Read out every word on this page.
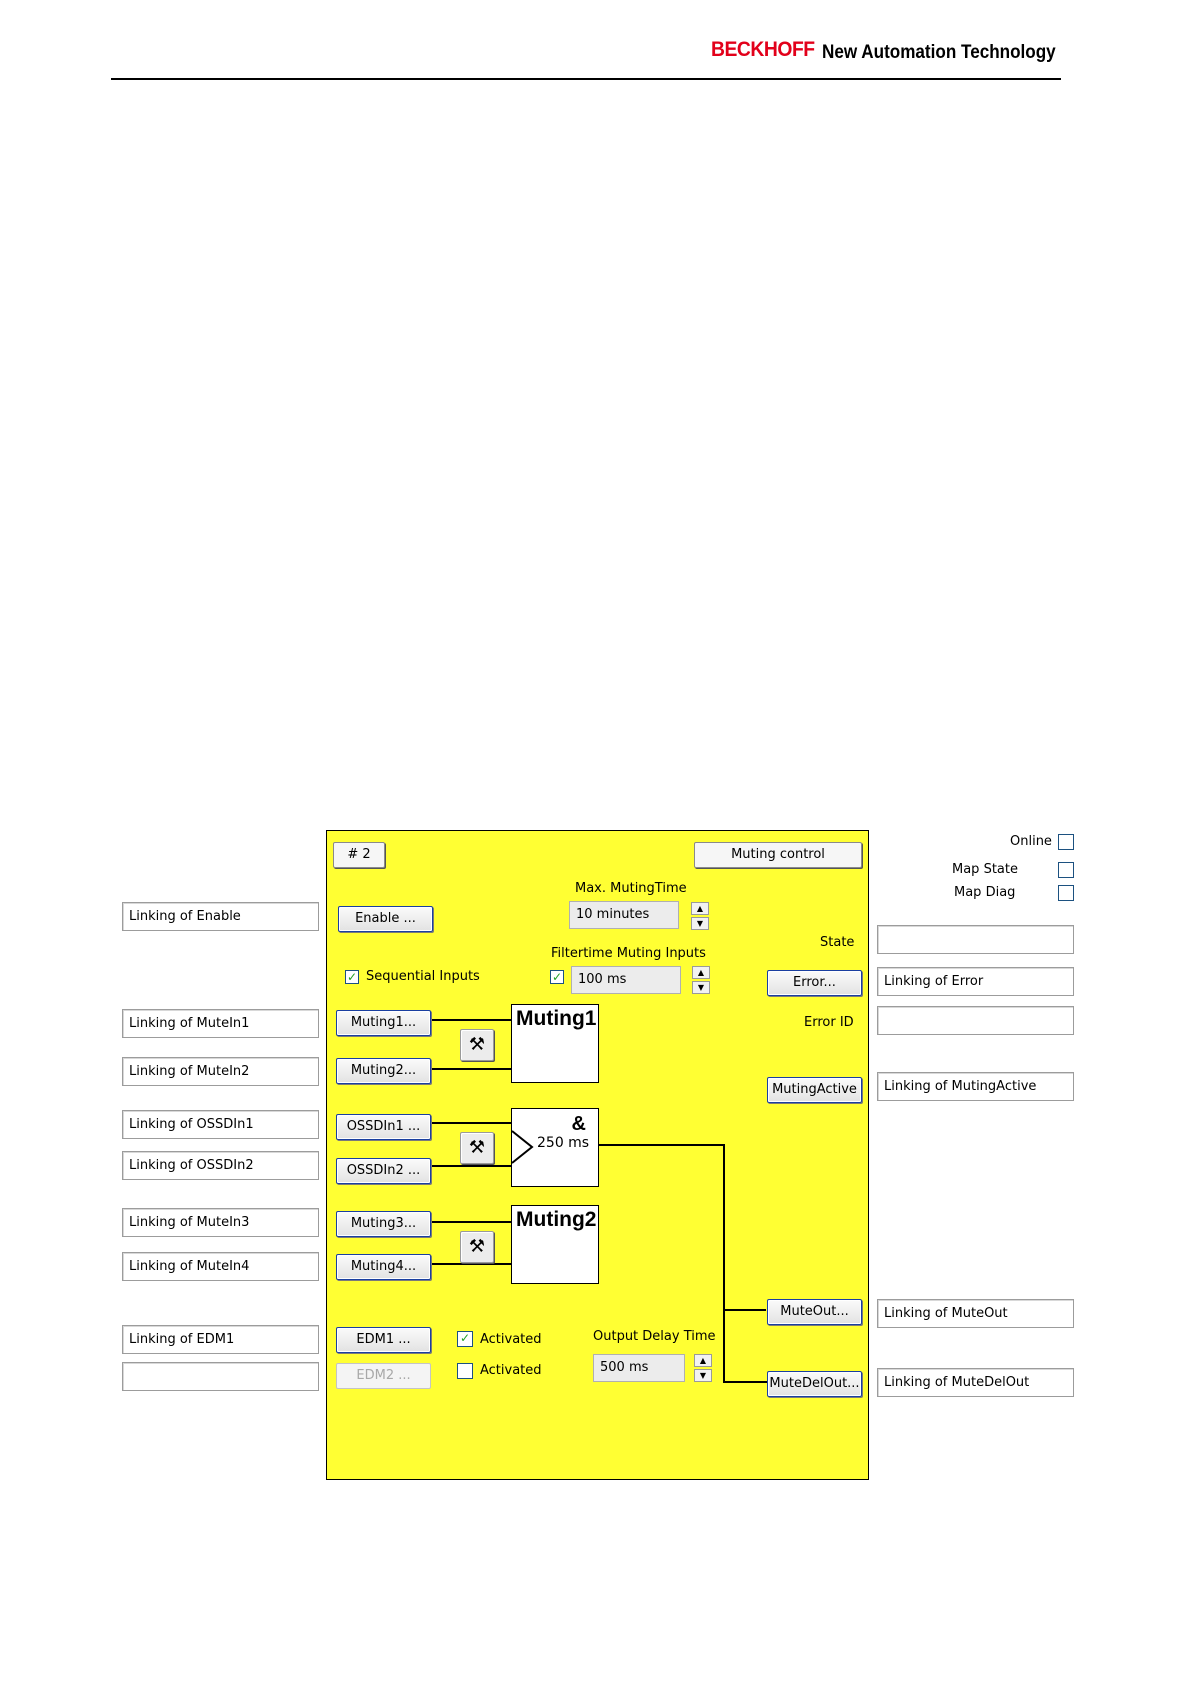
BECKHOFF New Automation Technology
Linking of Enable
Linking of MuteIn1
Linking of MuteIn2
Linking of OSSDIn1
Linking of OSSDIn2
Linking of MuteIn3
Linking of MuteIn4
Linking of EDM1
Online
Map State
Map Diag
Linking of Error
Linking of MutingActive
Linking of MuteOut
Linking of MuteDelOut
# 2	Muting control
Max. MutingTime
10 minutes	▲
▼
Enable ...
State
Filtertime Muting Inputs
✓	100 ms	▲
▼
✓ Sequential Inputs	Error...
Error ID
Muting1...
Muting2...
⚒
Muting1
MutingActive
OSSDIn1 ...
OSSDIn2 ...
⚒
&
250 ms
Muting3...
Muting4...
⚒
Muting2
MuteOut...
EDM1 ...
EDM2 ...
✓ Activated
Activated
Output Delay Time
500 ms	▲
▼
MuteDelOut...
